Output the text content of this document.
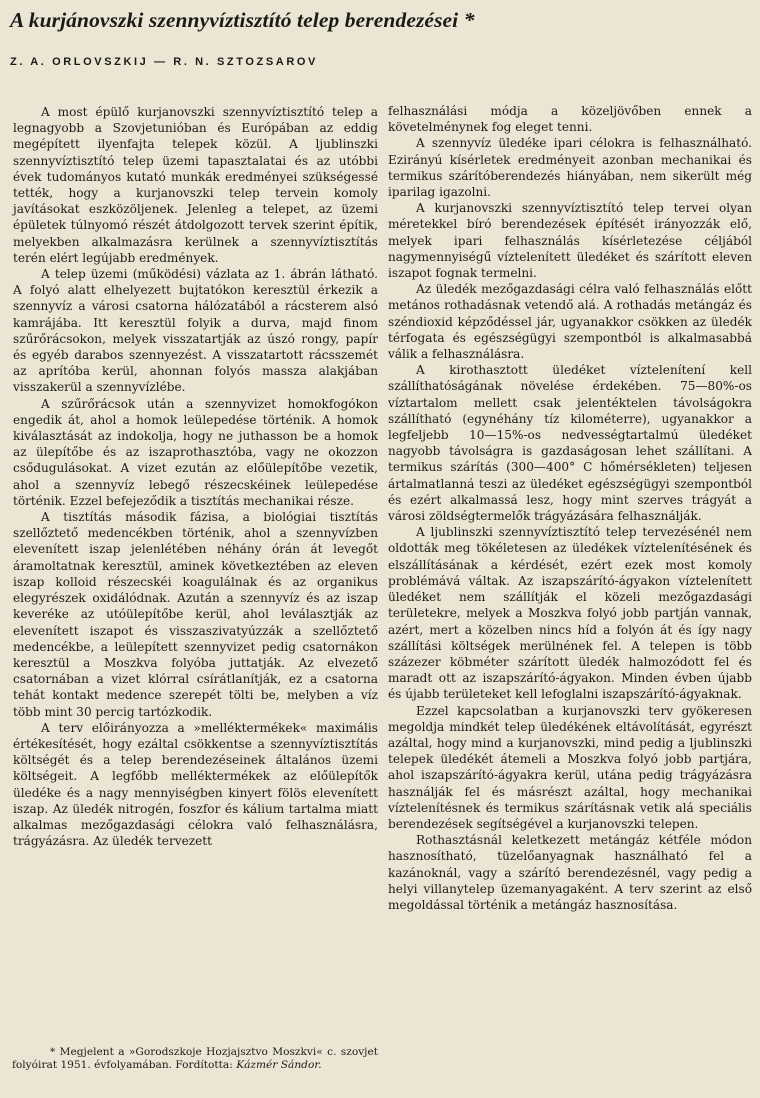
A kurjánovszki szennyvíztisztító telep berendezései *
Z. A. ORLOVSZKIJ — R. N. SZTOZSAROV

A most épülő kurjanovszki szennyvíztisztító telep a legnagyobb a Szovjetunióban és Európában az eddig megépített ilyenfajta telepek közül. A ljublinszki szennyvíztisztító telep üzemi tapasztalatai és az utóbbi évek tudományos kutató munkák eredményei szükségessé tették, hogy a kurjanovszki telep tervein komoly javításokat eszközöljenek. Jelenleg a telepet, az üzemi épületek túlnyomó részét átdolgozott tervek szerint építik, melyekben alkalmazásra kerülnek a szennyvíztisztítás terén elért legújabb eredmények.

A telep üzemi (működési) vázlata az 1. ábrán látható. A folyó alatt elhelyezett bujtatókon keresztül érkezik a szennyvíz a városi csatorna hálózatából a rácsterem alsó kamrájába. Itt keresztül folyik a durva, majd finom szűrőrácsokon, melyek visszatartják az úszó rongy, papír és egyéb darabos szennyezést. A visszatartott rácsszemét az aprítóba kerül, ahonnan folyós massza alakjában visszakerül a szennyvízlébe.

A szűrőrácsok után a szennyvizet homokfogókon engedik át, ahol a homok leülepedése történik. A homok kiválasztását az indokolja, hogy ne juthasson be a homok az ülepítőbe és az iszaprothasztóba, vagy ne okozzon csődugulásokat. A vizet ezután az előülepítőbe vezetik, ahol a szennyvíz lebegő részecskéinek leülepedése történik. Ezzel befejeződik a tisztítás mechanikai része.

A tisztítás második fázisa, a biológiai tisztítás szellőztető medencékben történik, ahol a szennyvízben elevenített iszap jelenlétében néhány órán át levegőt áramoltatnak keresztül, aminek következtében az eleven iszap kolloid részecskéi koagulálnak és az organikus elegyrészek oxidálódnak. Azután a szennyvíz és az iszap keveréke az utóülepítőbe kerül, ahol leválasztják az elevenített iszapot és visszaszivatyúzzák a szellőztető medencékbe, a leülepített szennyvizet pedig csatornákon keresztül a Moszkva folyóba juttatják. Az elvezető csatornában a vizet klórral csírátlanítják, ez a csatorna tehát kontakt medence szerepét tölti be, melyben a víz több mint 30 percig tartózkodik.

A terv előirányozza a »melléktermékek« maximális értékesítését, hogy ezáltal csökkentse a szennyvíztisztítás költségét és a telep berendezéseinek általános üzemi költségeit. A legfőbb melléktermékek az előülepítők üledéke és a nagy mennyiségben kinyert fölös elevenített iszap. Az üledék nitrogén, foszfor és kálium tartalma miatt alkalmas mezőgazdasági célokra való felhasználásra, trágyázásra. Az üledék tervezett

felhasználási módja a közeljövőben ennek a követelménynek fog eleget tenni.

A szennyvíz üledéke ipari célokra is felhasználható. Ezirányú kísérletek eredményeit azonban mechanikai és termikus szárítóberendezés hiányában, nem sikerült még iparilag igazolni.

A kurjanovszki szennyvíztisztító telep tervei olyan méretekkel bíró berendezések építését irányozzák elő, melyek ipari felhasználás kísérletezése céljából nagymennyiségű víztelenített üledéket és szárított eleven iszapot fognak termelni.

Az üledék mezőgazdasági célra való felhasználás előtt metános rothadásnak vetendő alá. A rothadás metángáz és széndioxid képződéssel jár, ugyanakkor csökken az üledék térfogata és egészségügyi szempontból is alkalmasabbá válik a felhasználásra.

A kirothasztott üledéket víztelenítení kell szállíthatóságának növelése érdekében. 75—80%-os víztartalom mellett csak jelentéktelen távolságokra szállítható (egynéhány tíz kilométerre), ugyanakkor a legfeljebb 10—15%-os nedvességtartalmú üledéket nagyobb távolságra is gazdaságosan lehet szállítani. A termikus szárítás (300—400° C hőmérsékleten) teljesen ártalmatlanná teszi az üledéket egészségügyi szempontból és ezért alkalmassá lesz, hogy mint szerves trágyát a városi zöldségtermelők trágyázására felhasználják.

A ljublinszki szennyvíztisztító telep tervezésénél nem oldották meg tökéletesen az üledékek víztelenítésének és elszállításának a kérdését, ezért ezek most komoly problémává váltak. Az iszapszárító-ágyakon víztelenített üledéket nem szállítják el közeli mezőgazdasági területekre, melyek a Moszkva folyó jobb partján vannak, azért, mert a közelben nincs híd a folyón át és így nagy szállítási költségek merülnének fel. A telepen is több százezer köbméter szárított üledék halmozódott fel és maradt ott az iszapszárító-ágyakon. Minden évben újabb és újabb területeket kell lefoglalni iszapszárító-ágyaknak.

Ezzel kapcsolatban a kurjanovszki terv gyökeresen megoldja mindkét telep üledékének eltávolítását, egyrészt azáltal, hogy mind a kurjanovszki, mind pedig a ljublinszki telepek üledékét átemeli a Moszkva folyó jobb partjára, ahol iszapszárító-ágyakra kerül, utána pedig trágyázásra használják fel és másrészt azáltal, hogy mechanikai víztelenítésnek és termikus szárításnak vetik alá speciális berendezések segítségével a kurjanovszki telepen.

Rothasztásnál keletkezett metángáz kétféle módon hasznosítható, tüzelőanyagnak használható fel a kazánoknál, vagy a szárító berendezésnél, vagy pedig a helyi villanytelep üzemanyagaként. A terv szerint az első megoldással történik a metángáz hasznosítása.

* Megjelent a »Gorodszkoje Hozjajsztvo Moszkvi« c. szovjet folyóirat 1951. évfolyamában. Fordította: Kázmér Sándor.
